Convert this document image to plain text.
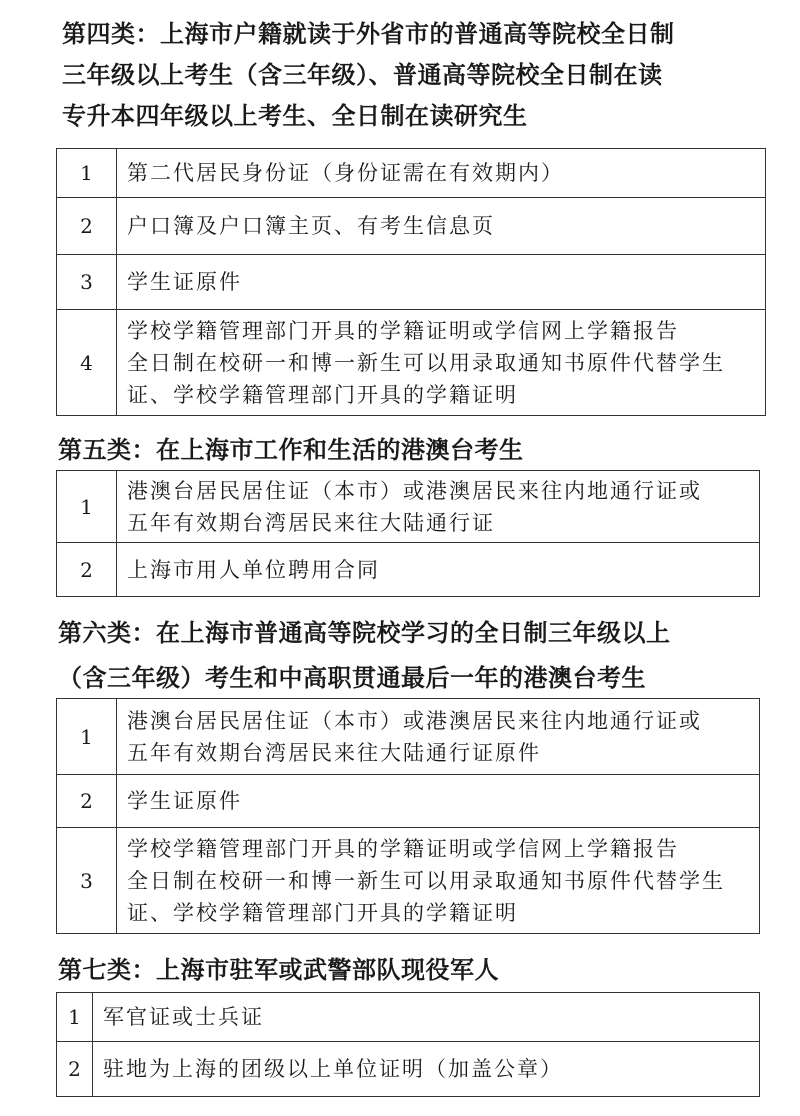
第四类：上海市户籍就读于外省市的普通高等院校全日制
三年级以上考生（含三年级）、普通高等院校全日制在读
专升本四年级以上考生、全日制在读研究生
1	第二代居民身份证（身份证需在有效期内）

2	户口簿及户口簿主页、有考生信息页

3	学生证原件

4	学校学籍管理部门开具的学籍证明或学信网上学籍报告
全日制在校研一和博一新生可以用录取通知书原件代替学生
证、学校学籍管理部门开具的学籍证明
第五类：在上海市工作和生活的港澳台考生
1	港澳台居民居住证（本市）或港澳居民来往内地通行证或
五年有效期台湾居民来往大陆通行证

2	上海市用人单位聘用合同
第六类：在上海市普通高等院校学习的全日制三年级以上
（含三年级）考生和中高职贯通最后一年的港澳台考生
1	港澳台居民居住证（本市）或港澳居民来往内地通行证或
五年有效期台湾居民来往大陆通行证原件

2	学生证原件

3	学校学籍管理部门开具的学籍证明或学信网上学籍报告
全日制在校研一和博一新生可以用录取通知书原件代替学生
证、学校学籍管理部门开具的学籍证明
第七类：上海市驻军或武警部队现役军人
1	军官证或士兵证

2	驻地为上海的团级以上单位证明（加盖公章）
